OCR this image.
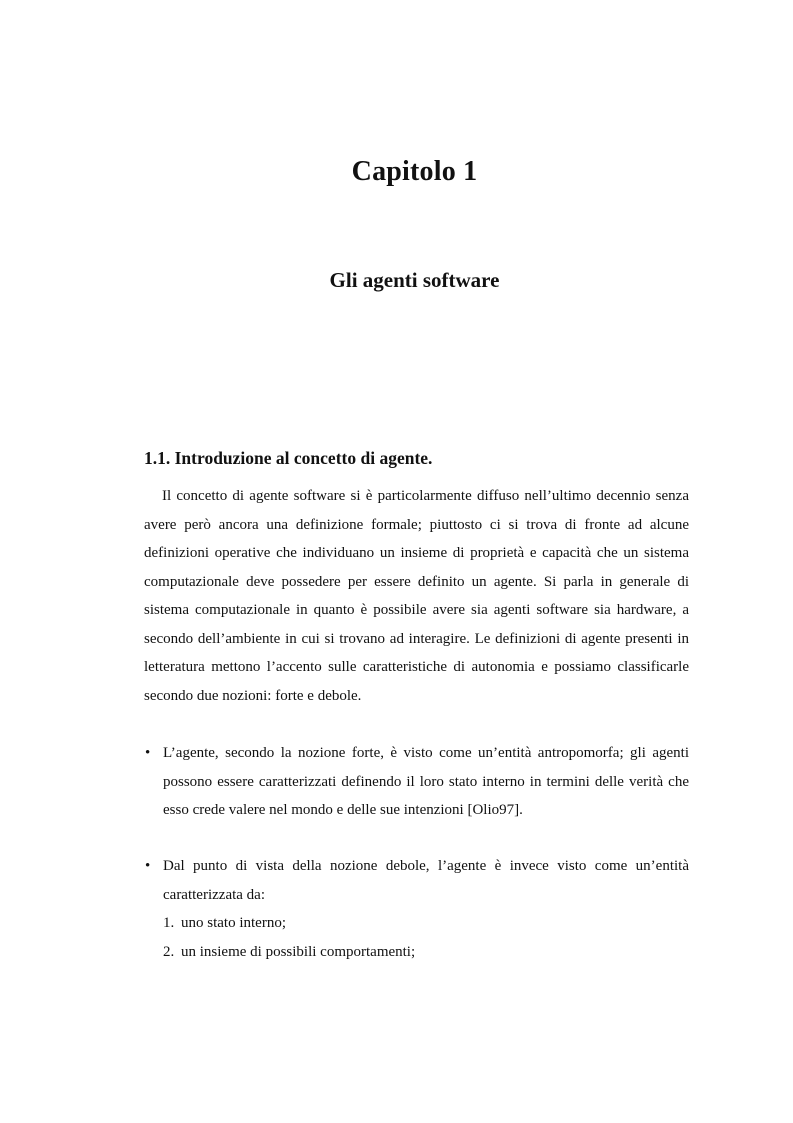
Capitolo 1
Gli agenti software
1.1. Introduzione al concetto di agente.

Il concetto di agente software si è particolarmente diffuso nell’ultimo decennio senza avere però ancora una definizione formale; piuttosto ci si trova di fronte ad alcune definizioni operative che individuano un insieme di proprietà e capacità che un sistema computazionale deve possedere per essere definito un agente. Si parla in generale di sistema computazionale in quanto è possibile avere sia agenti software sia hardware, a secondo dell’ambiente in cui si trovano ad interagire. Le definizioni di agente presenti in letteratura mettono l’accento sulle caratteristiche di autonomia e possiamo classificarle secondo due nozioni: forte e debole.

• L’agente, secondo la nozione forte, è visto come un’entità antropomorfa; gli agenti possono essere caratterizzati definendo il loro stato interno in termini delle verità che esso crede valere nel mondo e delle sue intenzioni [Olio97].
• Dal punto di vista della nozione debole, l’agente è invece visto come un’entità caratterizzata da:
1. uno stato interno;
2. un insieme di possibili comportamenti;
